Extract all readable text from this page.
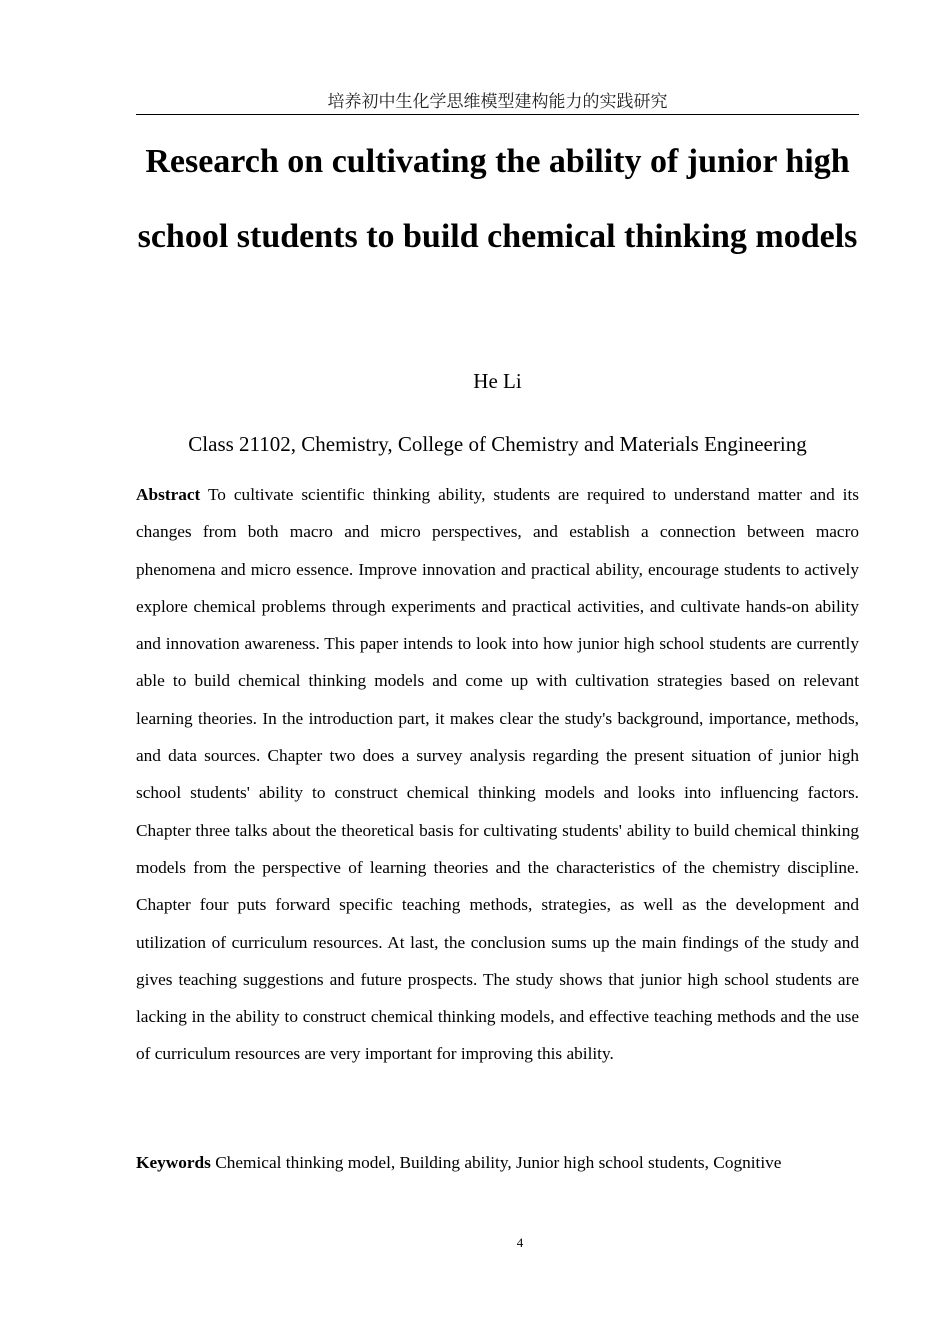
培养初中生化学思维模型建构能力的实践研究
Research on cultivating the ability of junior high school students to build chemical thinking models
He Li
Class 21102, Chemistry, College of Chemistry and Materials Engineering

Abstract To cultivate scientific thinking ability, students are required to understand matter and its changes from both macro and micro perspectives, and establish a connection between macro phenomena and micro essence. Improve innovation and practical ability, encourage students to actively explore chemical problems through experiments and practical activities, and cultivate hands-on ability and innovation awareness. This paper intends to look into how junior high school students are currently able to build chemical thinking models and come up with cultivation strategies based on relevant learning theories. In the introduction part, it makes clear the study's background, importance, methods, and data sources. Chapter two does a survey analysis regarding the present situation of junior high school students' ability to construct chemical thinking models and looks into influencing factors. Chapter three talks about the theoretical basis for cultivating students' ability to build chemical thinking models from the perspective of learning theories and the characteristics of the chemistry discipline. Chapter four puts forward specific teaching methods, strategies, as well as the development and utilization of curriculum resources. At last, the conclusion sums up the main findings of the study and gives teaching suggestions and future prospects. The study shows that junior high school students are lacking in the ability to construct chemical thinking models, and effective teaching methods and the use of curriculum resources are very important for improving this ability.

Keywords Chemical thinking model, Building ability, Junior high school students, Cognitive

4
